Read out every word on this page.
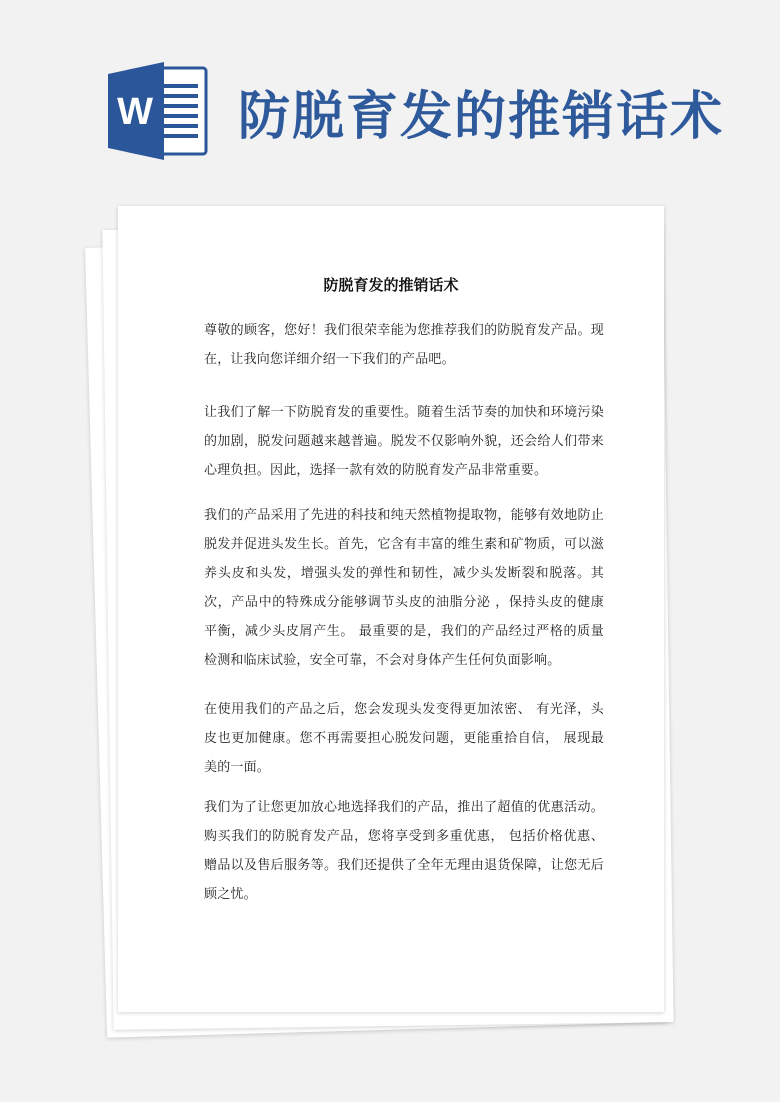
W 防脱育发的推销话术
防脱育发的推销话术
尊敬的顾客，您好！我们很荣幸能为您推荐我们的防脱育发产品。现在，让我向您详细介绍一下我们的产品吧。
让我们了解一下防脱育发的重要性。随着生活节奏的加快和环境污染的加剧，脱发问题越来越普遍。脱发不仅影响外貌，还会给人们带来心理负担。因此，选择一款有效的防脱育发产品非常重要。
我们的产品采用了先进的科技和纯天然植物提取物，能够有效地防止脱发并促进头发生长。首先，它含有丰富的维生素和矿物质，可以滋养头皮和头发，增强头发的弹性和韧性，减少头发断裂和脱落。其次，产品中的特殊成分能够调节头皮的油脂分泌 ，保持头皮的健康平衡，减少头皮屑产生。 最重要的是，我们的产品经过严格的质量检测和临床试验，安全可靠，不会对身体产生任何负面影响。
在使用我们的产品之后，您会发现头发变得更加浓密、 有光泽，头皮也更加健康。您不再需要担心脱发问题，更能重拾自信， 展现最美的一面。
我们为了让您更加放心地选择我们的产品，推出了超值的优惠活动。购买我们的防脱育发产品，您将享受到多重优惠， 包括价格优惠、赠品以及售后服务等。我们还提供了全年无理由退货保障，让您无后顾之忧。
